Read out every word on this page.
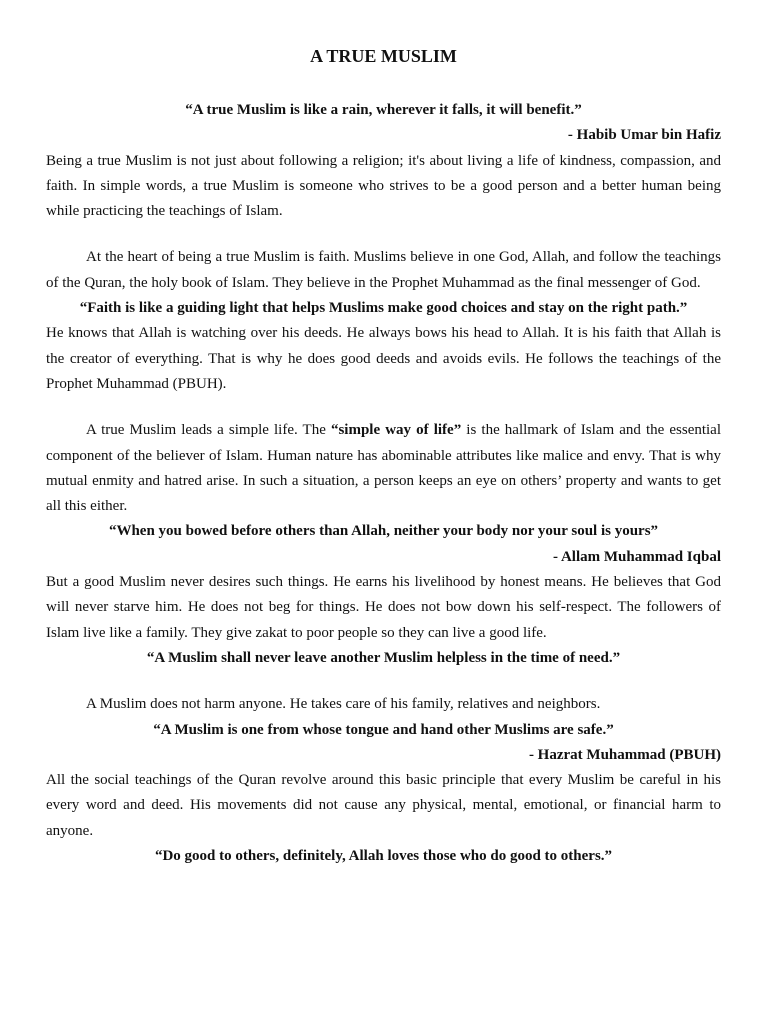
A TRUE MUSLIM

“A true Muslim is like a rain, wherever it falls, it will benefit.”

- Habib Umar bin Hafiz

Being a true Muslim is not just about following a religion; it's about living a life of kindness, compassion, and faith. In simple words, a true Muslim is someone who strives to be a good person and a better human being while practicing the teachings of Islam.

At the heart of being a true Muslim is faith. Muslims believe in one God, Allah, and follow the teachings of the Quran, the holy book of Islam. They believe in the Prophet Muhammad as the final messenger of God.

“Faith is like a guiding light that helps Muslims make good choices and stay on the right path.”

He knows that Allah is watching over his deeds. He always bows his head to Allah. It is his faith that Allah is the creator of everything. That is why he does good deeds and avoids evils. He follows the teachings of the Prophet Muhammad (PBUH).

A true Muslim leads a simple life. The “simple way of life” is the hallmark of Islam and the essential component of the believer of Islam. Human nature has abominable attributes like malice and envy. That is why mutual enmity and hatred arise. In such a situation, a person keeps an eye on others’ property and wants to get all this either.

“When you bowed before others than Allah, neither your body nor your soul is yours”

- Allam Muhammad Iqbal

But a good Muslim never desires such things. He earns his livelihood by honest means. He believes that God will never starve him. He does not beg for things. He does not bow down his self-respect. The followers of Islam live like a family. They give zakat to poor people so they can live a good life.

“A Muslim shall never leave another Muslim helpless in the time of need.”

A Muslim does not harm anyone. He takes care of his family, relatives and neighbors.

“A Muslim is one from whose tongue and hand other Muslims are safe.”

- Hazrat Muhammad (PBUH)

All the social teachings of the Quran revolve around this basic principle that every Muslim be careful in his every word and deed. His movements did not cause any physical, mental, emotional, or financial harm to anyone.

“Do good to others, definitely, Allah loves those who do good to others.”
